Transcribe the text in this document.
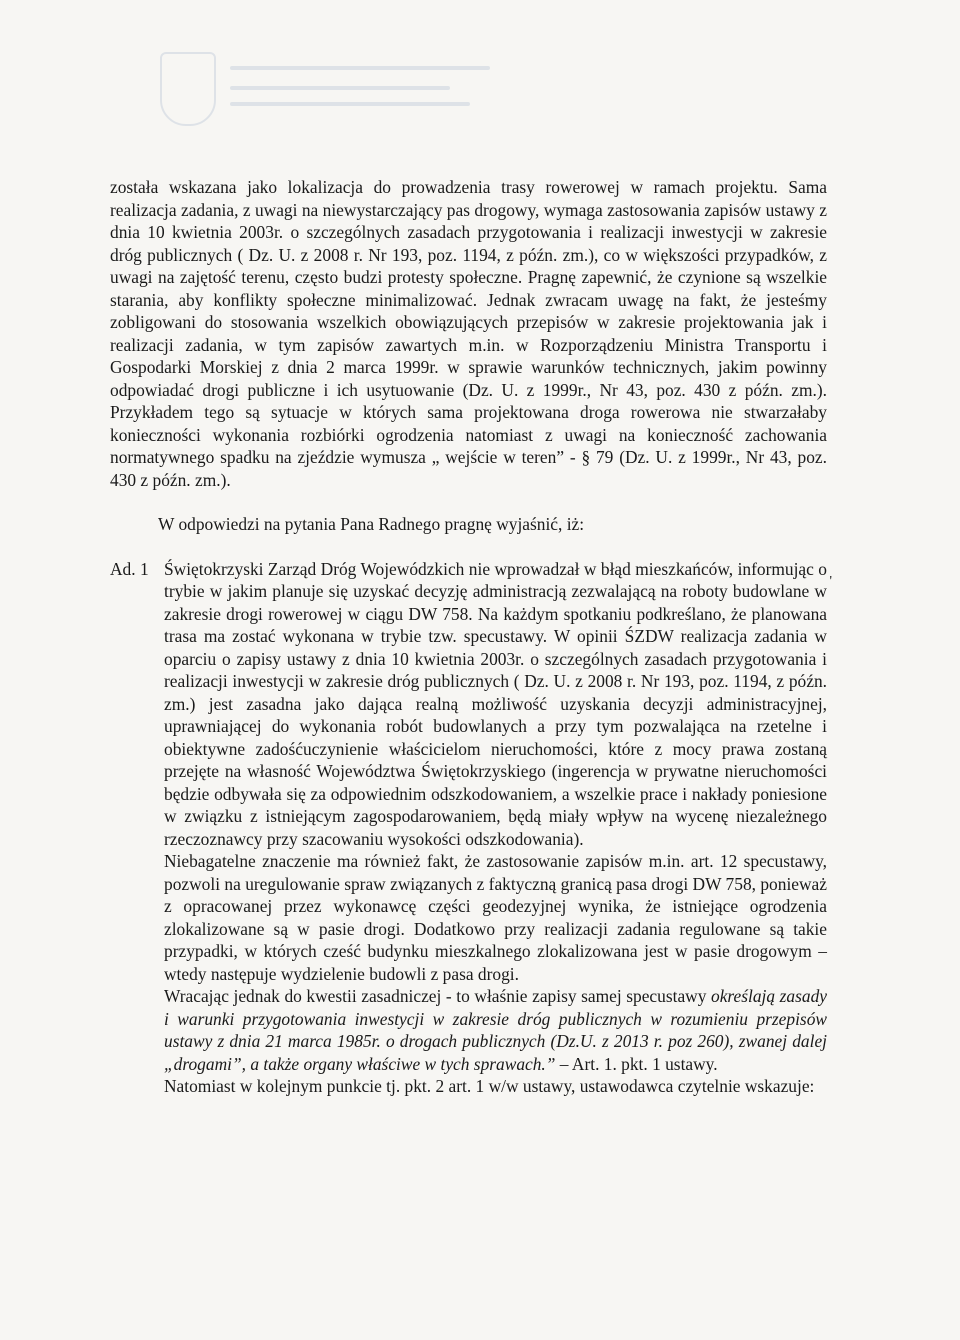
została wskazana jako lokalizacja do prowadzenia trasy rowerowej w ramach projektu. Sama realizacja zadania, z uwagi na niewystarczający pas drogowy, wymaga zastosowania zapisów ustawy z dnia 10 kwietnia 2003r. o szczególnych zasadach przygotowania i realizacji inwestycji w zakresie dróg publicznych ( Dz. U. z 2008 r. Nr 193, poz. 1194, z późn. zm.), co w większości przypadków, z uwagi na zajętość terenu, często budzi protesty społeczne. Pragnę zapewnić, że czynione są wszelkie starania, aby konflikty społeczne minimalizować. Jednak zwracam uwagę na fakt, że jesteśmy zobligowani do stosowania wszelkich obowiązujących przepisów w zakresie projektowania jak i realizacji zadania, w tym zapisów zawartych m.in. w Rozporządzeniu Ministra Transportu i Gospodarki Morskiej z dnia 2 marca 1999r. w sprawie warunków technicznych, jakim powinny odpowiadać drogi publiczne i ich usytuowanie (Dz. U. z 1999r., Nr 43, poz. 430 z późn. zm.). Przykładem tego są sytuacje w których sama projektowana droga rowerowa nie stwarzałaby konieczności wykonania rozbiórki ogrodzenia natomiast z uwagi na konieczność zachowania normatywnego spadku na zjeździe wymusza „ wejście w teren” - § 79 (Dz. U. z 1999r., Nr 43, poz. 430 z późn. zm.).

W odpowiedzi na pytania Pana Radnego pragnę wyjaśnić, iż:

Ad. 1 Świętokrzyski Zarząd Dróg Wojewódzkich nie wprowadzał w błąd mieszkańców, informując o trybie w jakim planuje się uzyskać decyzję administracją zezwalającą na roboty budowlane w zakresie drogi rowerowej w ciągu DW 758. Na każdym spotkaniu podkreślano, że planowana trasa ma zostać wykonana w trybie tzw. specustawy. W opinii ŚZDW realizacja zadania w oparciu o zapisy ustawy z dnia 10 kwietnia 2003r. o szczególnych zasadach przygotowania i realizacji inwestycji w zakresie dróg publicznych ( Dz. U. z 2008 r. Nr 193, poz. 1194, z późn. zm.) jest zasadna jako dająca realną możliwość uzyskania decyzji administracyjnej, uprawniającej do wykonania robót budowlanych a przy tym pozwalająca na rzetelne i obiektywne zadośćuczynienie właścicielom nieruchomości, które z mocy prawa zostaną przejęte na własność Województwa Świętokrzyskiego (ingerencja w prywatne nieruchomości będzie odbywała się za odpowiednim odszkodowaniem, a wszelkie prace i nakłady poniesione w związku z istniejącym zagospodarowaniem, będą miały wpływ na wycenę niezależnego rzeczoznawcy przy szacowaniu wysokości odszkodowania).

Niebagatelne znaczenie ma również fakt, że zastosowanie zapisów m.in. art. 12 specustawy, pozwoli na uregulowanie spraw związanych z faktyczną granicą pasa drogi DW 758, ponieważ z opracowanej przez wykonawcę części geodezyjnej wynika, że istniejące ogrodzenia zlokalizowane są w pasie drogi. Dodatkowo przy realizacji zadania regulowane są takie przypadki, w których cześć budynku mieszkalnego zlokalizowana jest w pasie drogowym – wtedy następuje wydzielenie budowli z pasa drogi.

Wracając jednak do kwestii zasadniczej - to właśnie zapisy samej specustawy określają zasady i warunki przygotowania inwestycji w zakresie dróg publicznych w rozumieniu przepisów ustawy z dnia 21 marca 1985r. o drogach publicznych (Dz.U. z 2013 r. poz 260), zwanej dalej „drogami”, a także organy właściwe w tych sprawach.” – Art. 1. pkt. 1 ustawy.

Natomiast w kolejnym punkcie tj. pkt. 2 art. 1 w/w ustawy, ustawodawca czytelnie wskazuje:

'
